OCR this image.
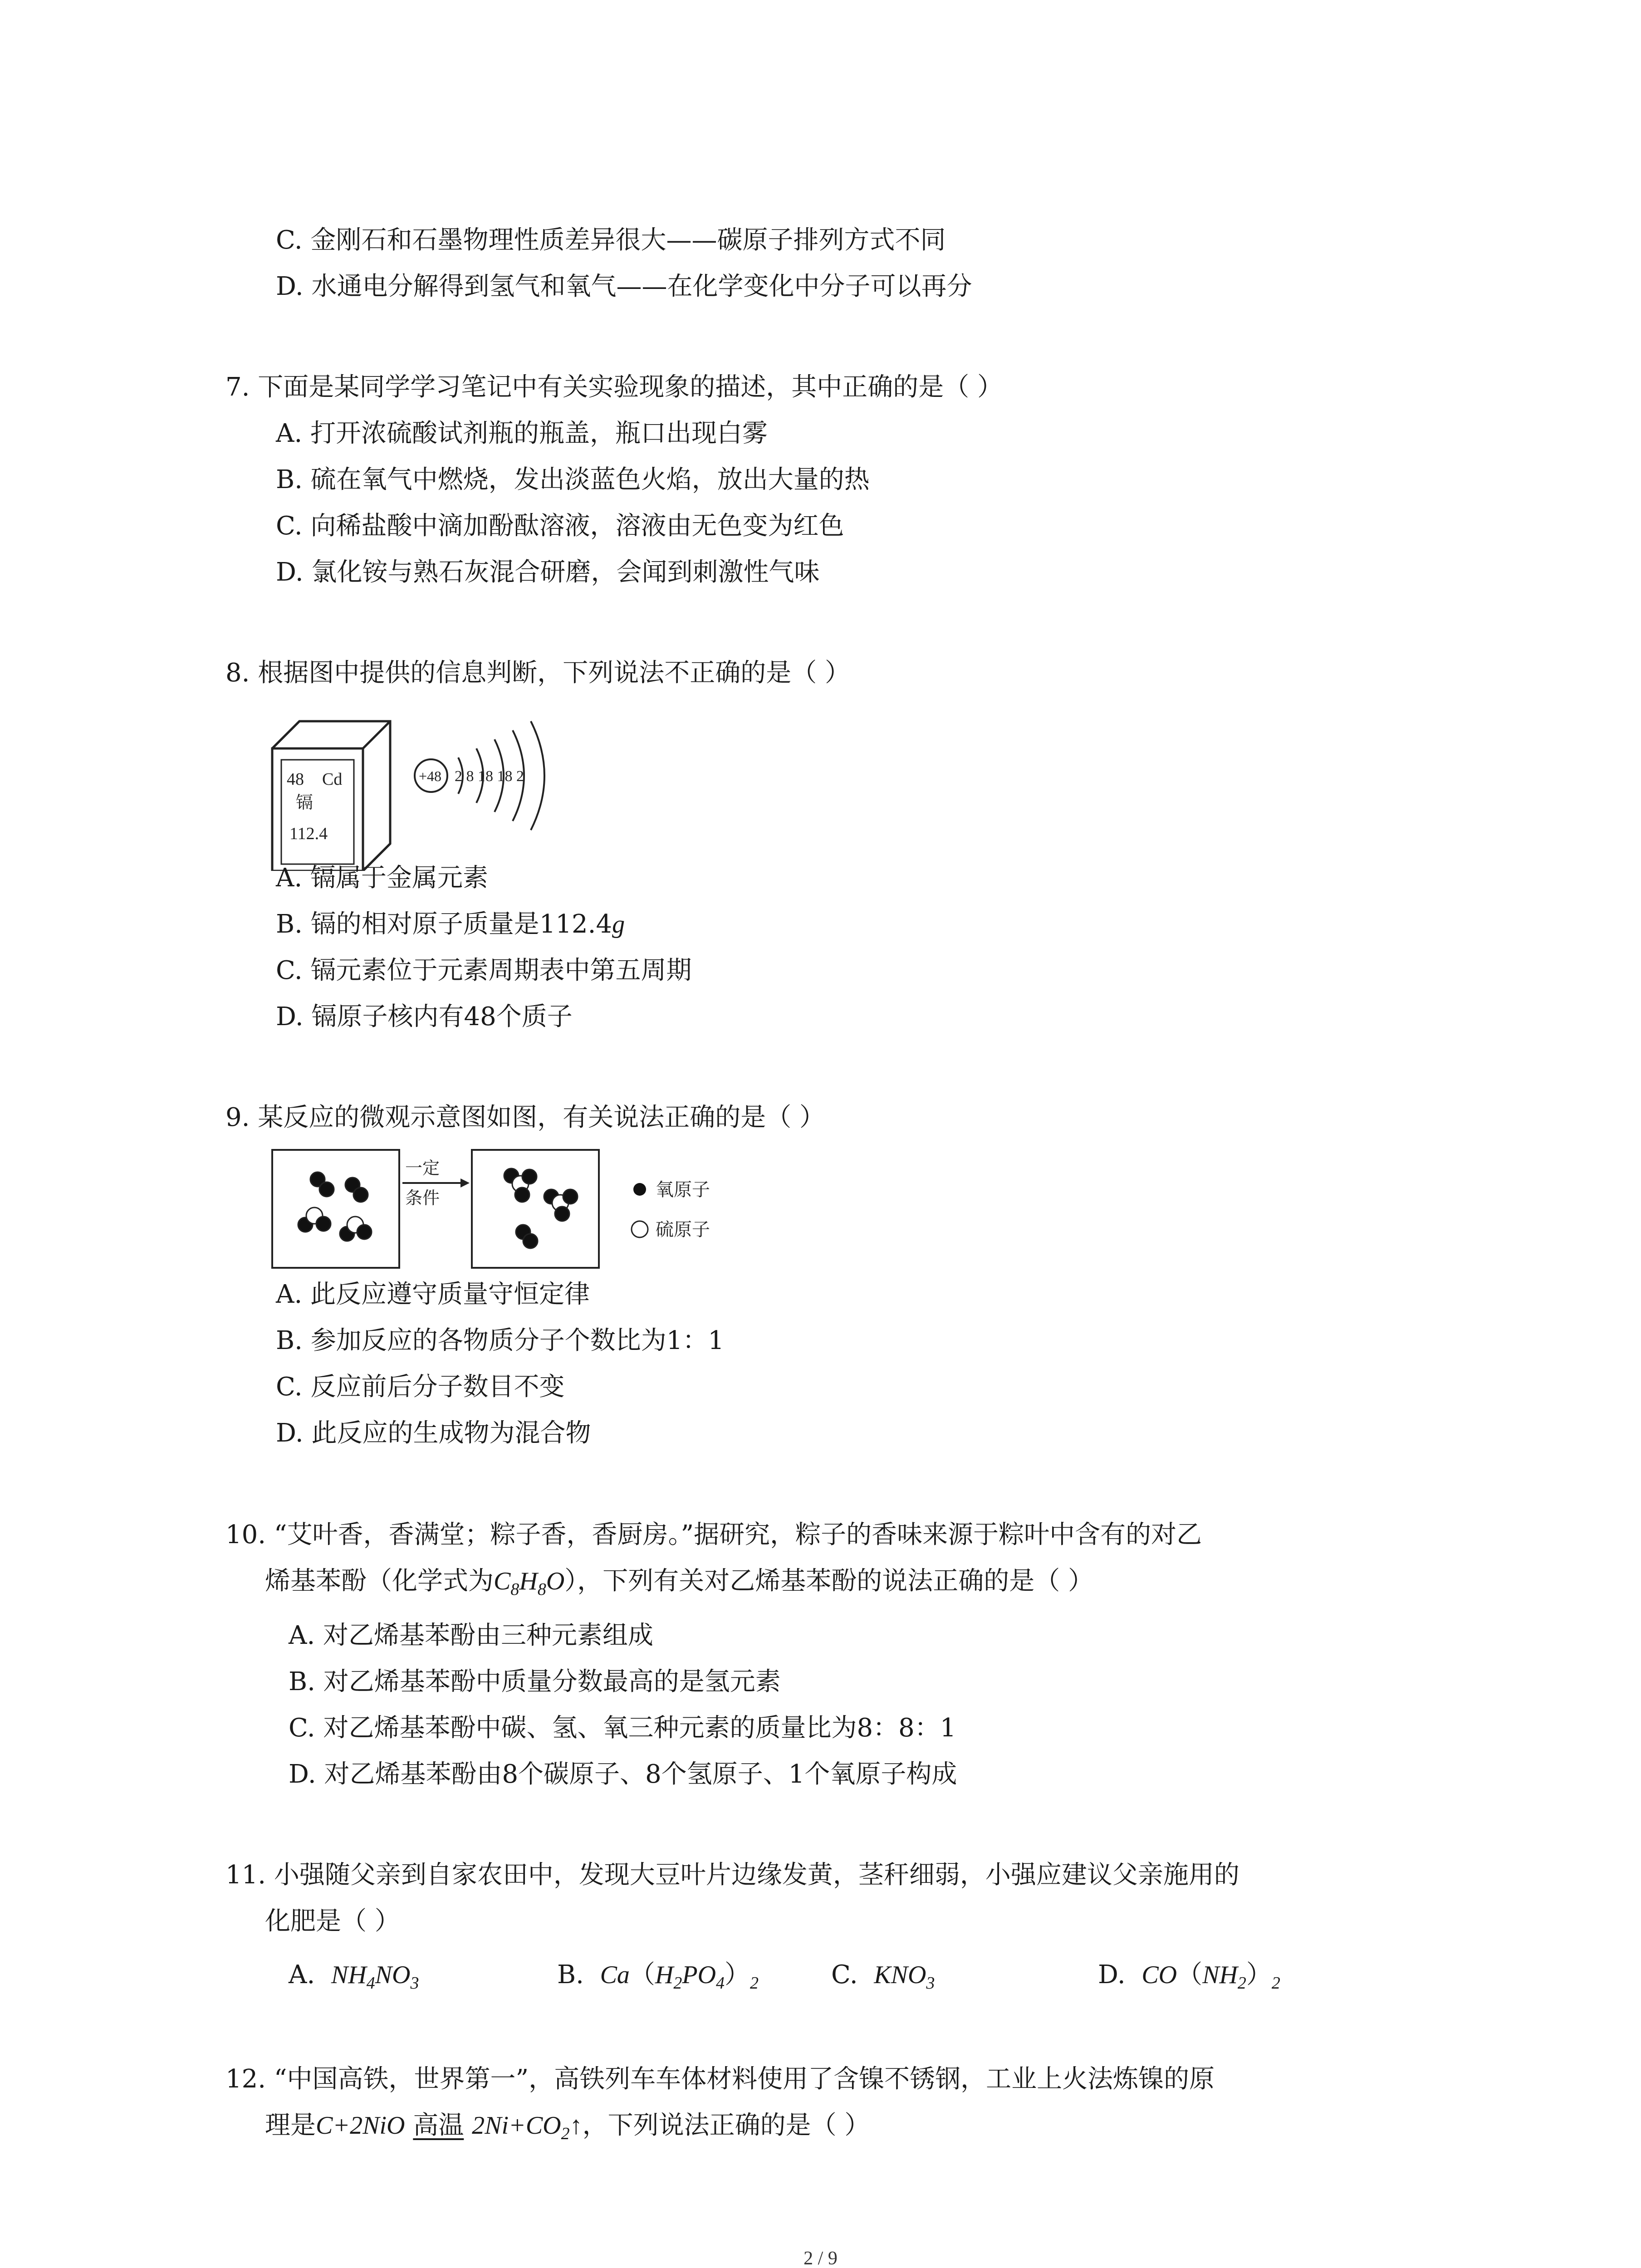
C. 金刚石和石墨物理性质差异很大——碳原子排列方式不同
D. 水通电分解得到氢气和氧气——在化学变化中分子可以再分
7. 下面是某同学学习笔记中有关实验现象的描述，其中正确的是（ ）
A. 打开浓硫酸试剂瓶的瓶盖，瓶口出现白雾
B. 硫在氧气中燃烧，发出淡蓝色火焰，放出大量的热
C. 向稀盐酸中滴加酚酞溶液，溶液由无色变为红色
D. 氯化铵与熟石灰混合研磨，会闻到刺激性气味
8. 根据图中提供的信息判断，下列说法不正确的是（ ）
48 Cd
镉
112.4
+48 2 8 18 18 2
A. 镉属于金属元素
B. 镉的相对原子质量是112.4g
C. 镉元素位于元素周期表中第五周期
D. 镉原子核内有48个质子
9. 某反应的微观示意图如图，有关说法正确的是（ ）
一定
条件	氧原子
硫原子
A. 此反应遵守质量守恒定律
B. 参加反应的各物质分子个数比为1：1
C. 反应前后分子数目不变
D. 此反应的生成物为混合物
10. “艾叶香，香满堂；粽子香，香厨房。”据研究，粽子的香味来源于粽叶中含有的对乙
烯基苯酚（化学式为$C_8H_8O$），下列有关对乙烯基苯酚的说法正确的是（ ）
A. 对乙烯基苯酚由三种元素组成
B. 对乙烯基苯酚中质量分数最高的是氢元素
C. 对乙烯基苯酚中碳、氢、氧三种元素的质量比为8：8：1
D. 对乙烯基苯酚由8个碳原子、8个氢原子、1个氧原子构成
11. 小强随父亲到自家农田中，发现大豆叶片边缘发黄，茎秆细弱，小强应建议父亲施用的
化肥是（ ）
A. $NH_4NO_3$	B. $Ca(H_2PO_4)_2$	C. $KNO_3$	D. $CO(NH_2)_2$
12. “中国高铁，世界第一”，高铁列车车体材料使用了含镍不锈钢，工业上火法炼镍的原
理是C+2NiO 高温 $2Ni+CO_2↑$，下列说法正确的是（ ）
2 / 9
